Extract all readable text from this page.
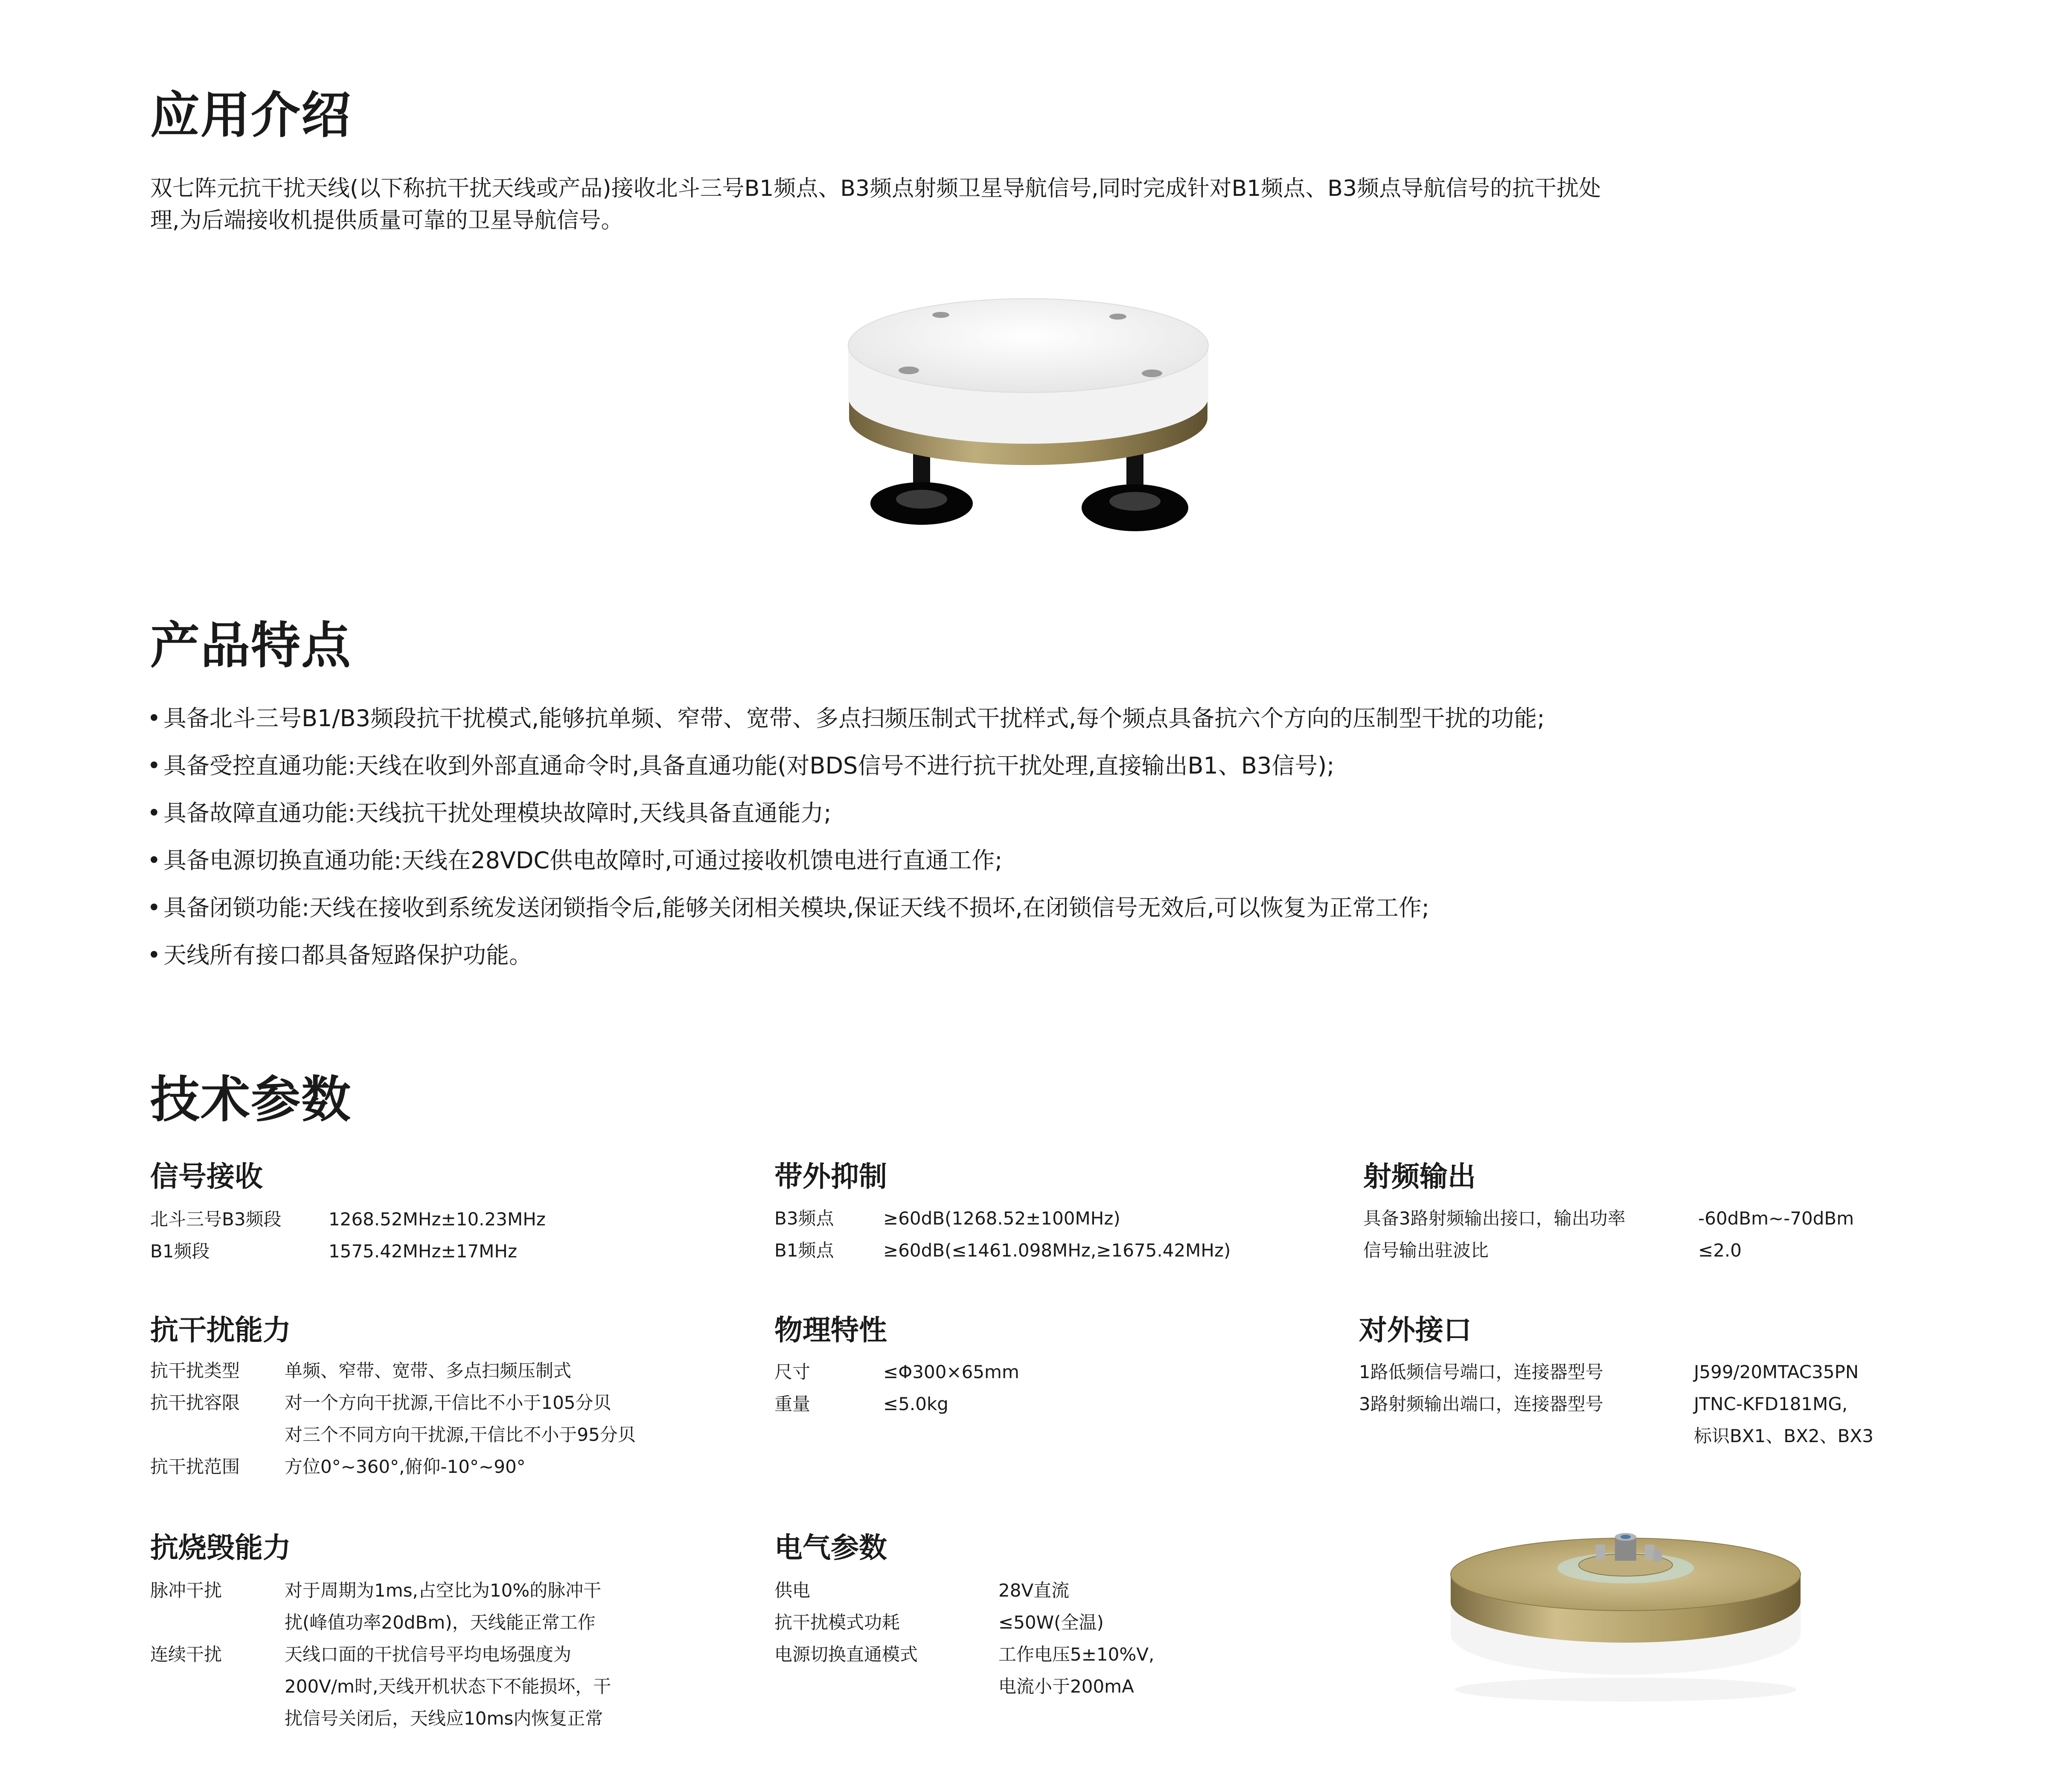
应用介绍
双七阵元抗干扰天线(以下称抗干扰天线或产品)接收北斗三号B1频点、B3频点射频卫星导航信号,同时完成针对B1频点、B3频点导航信号的抗干扰处
理,为后端接收机提供质量可靠的卫星导航信号。
产品特点
• 具备北斗三号B1/B3频段抗干扰模式,能够抗单频、窄带、宽带、多点扫频压制式干扰样式,每个频点具备抗六个方向的压制型干扰的功能;
• 具备受控直通功能:天线在收到外部直通命令时,具备直通功能(对BDS信号不进行抗干扰处理,直接输出B1、B3信号);
• 具备故障直通功能:天线抗干扰处理模块故障时,天线具备直通能力;
• 具备电源切换直通功能:天线在28VDC供电故障时,可通过接收机馈电进行直通工作;
• 具备闭锁功能:天线在接收到系统发送闭锁指令后,能够关闭相关模块,保证天线不损坏,在闭锁信号无效后,可以恢复为正常工作;
• 天线所有接口都具备短路保护功能。
技术参数
信号接收
北斗三号B3频段	1268.52MHz±10.23MHz
B1频段	1575.42MHz±17MHz
带外抑制
B3频点	≥60dB(1268.52±100MHz)
B1频点	≥60dB(≤1461.098MHz,≥1675.42MHz)
射频输出
具备3路射频输出接口，输出功率	-60dBm~-70dBm
信号输出驻波比	≤2.0
抗干扰能力
抗干扰类型	单频、窄带、宽带、多点扫频压制式
抗干扰容限	对一个方向干扰源,干信比不小于105分贝
对三个不同方向干扰源,干信比不小于95分贝
抗干扰范围	方位0°~360°,俯仰-10°~90°
物理特性
尺寸	≤Φ300×65mm
重量	≤5.0kg
对外接口
1路低频信号端口，连接器型号	J599/20MTAC35PN
3路射频输出端口，连接器型号	JTNC-KFD181MG,
标识BX1、BX2、BX3
抗烧毁能力
脉冲干扰	对于周期为1ms,占空比为10%的脉冲干
扰(峰值功率20dBm)，天线能正常工作
连续干扰	天线口面的干扰信号平均电场强度为
200V/m时,天线开机状态下不能损坏，干
扰信号关闭后，天线应10ms内恢复正常
电气参数
供电	28V直流
抗干扰模式功耗	≤50W(全温)
电源切换直通模式	工作电压5±10%V,
电流小于200mA
